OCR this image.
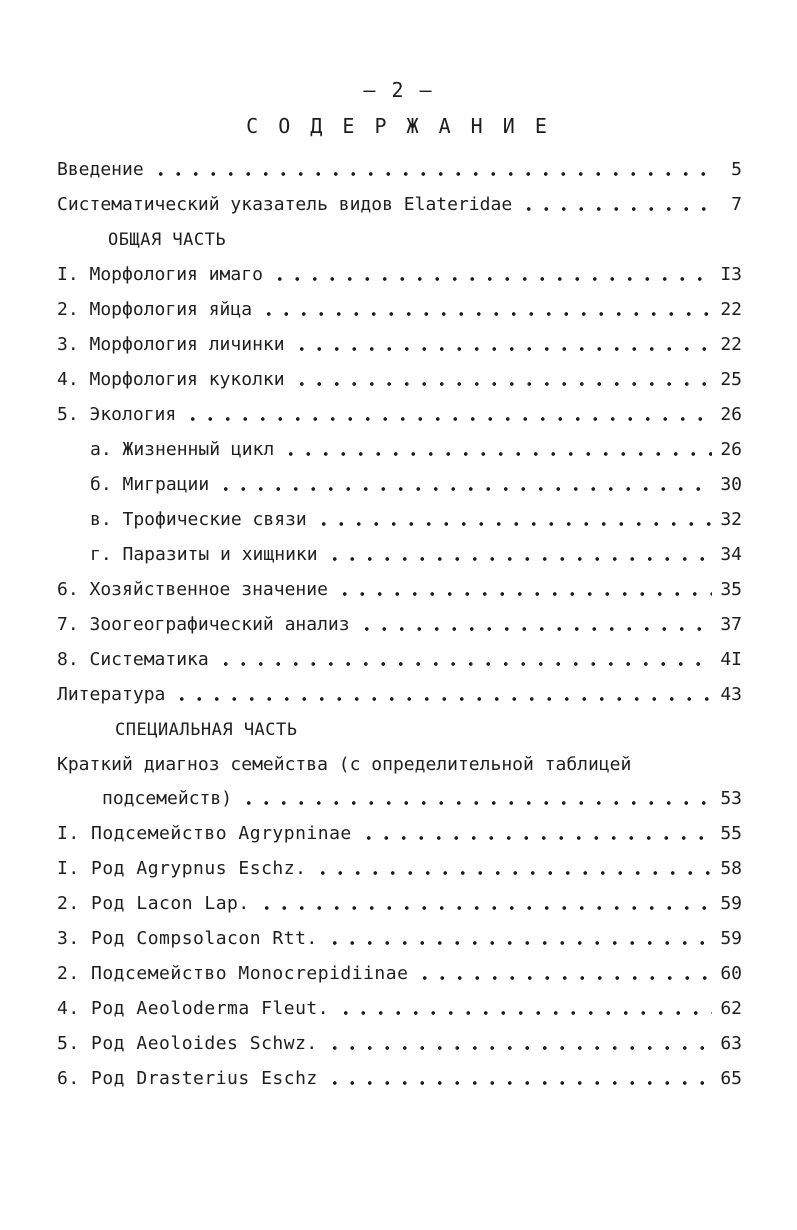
– 2 –
С О Д Е Р Ж А Н И Е
Введение	5
Систематический указатель видов Elateridae	7
ОБЩАЯ ЧАСТЬ
I. Морфология имаго	I3
2. Морфология яйца	22
3. Морфология личинки	22
4. Морфология куколки	25
5. Экология	26
а. Жизненный цикл	26
б. Миграции	30
в. Трофические связи	32
г. Паразиты и хищники	34
6. Хозяйственное значение	35
7. Зоогеографический анализ	37
8. Систематика	4I
Литература	43
СПЕЦИАЛЬНАЯ ЧАСТЬ
Краткий диагноз семейства (с определительной таблицей
подсемейств)	53
I. Подсемейство Agrypninae	55
I. Род Agrypnus Eschz.	58
2. Род Lacon Lap.	59
3. Род Compsolacon Rtt.	59
2. Подсемейство Monocrepidiinae	60
4. Род Aeoloderma Fleut.	62
5. Род Aeoloides Schwz.	63
6. Род Drasterius Eschz	65
